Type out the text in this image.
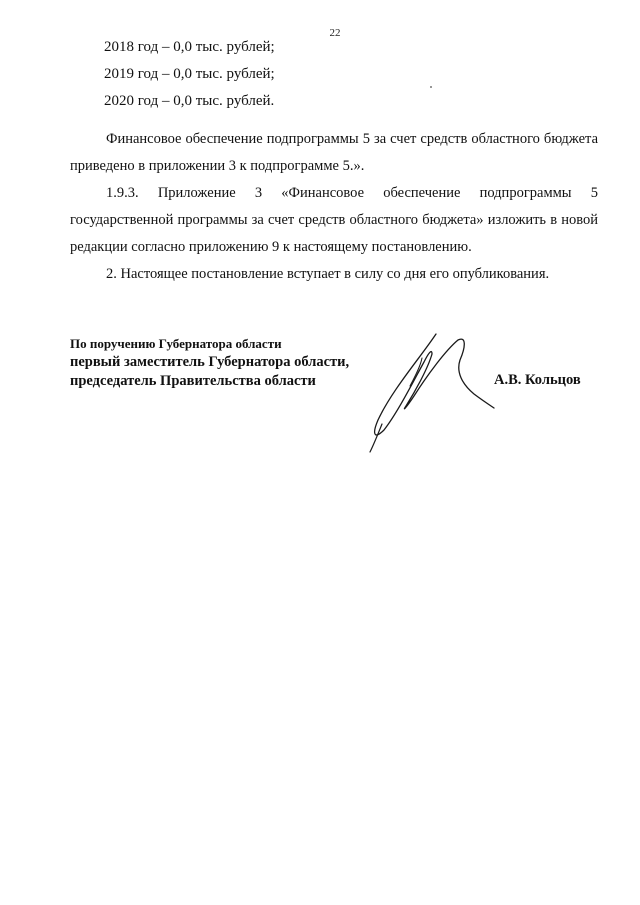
22
2018 год – 0,0 тыс. рублей;
2019 год – 0,0 тыс. рублей;
2020 год – 0,0 тыс. рублей.

Финансовое обеспечение подпрограммы 5 за счет средств областного бюджета приведено в приложении 3 к подпрограмме 5.».

1.9.3. Приложение 3 «Финансовое обеспечение подпрограммы 5 государственной программы за счет средств областного бюджета» изложить в новой редакции согласно приложению 9 к настоящему постановлению.

2. Настоящее постановление вступает в силу со дня его опубликования.

По поручению Губернатора области
первый заместитель Губернатора области,
председатель Правительства области	А.В. Кольцов
